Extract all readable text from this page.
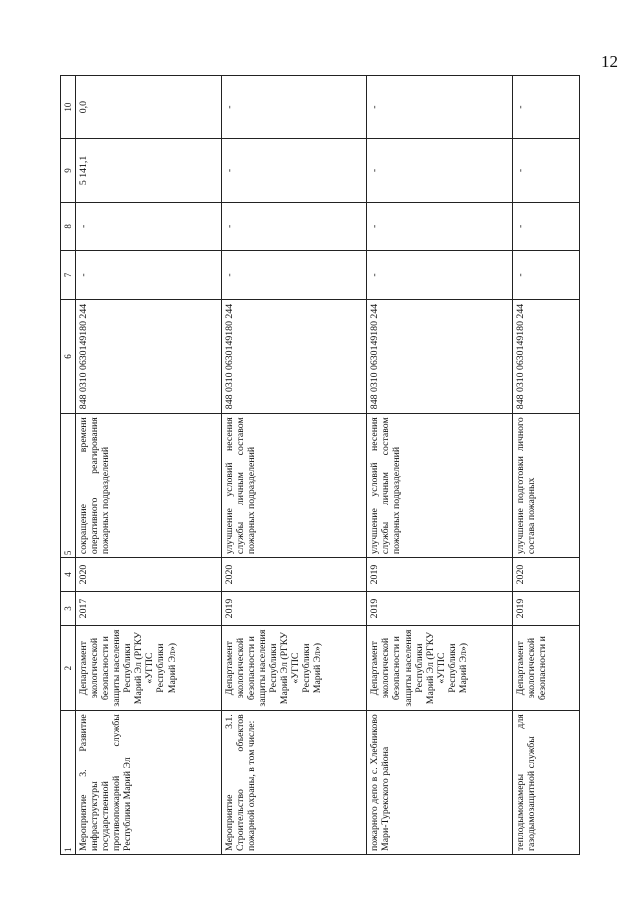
12
1	2	3	4	5	6	7	8	9	10
Мероприятие 3. Развитие инфраструктуры государственной противопожарной службы Республики Марий Эл	Департамент экологической безопасности и защиты населения Республики Марий Эл (РГКУ «УГПС Республики Марий Эл»)	2017	2020	сокращение времени оперативного реагирования пожарных подразделений	848 0310 0630149180 244	-	-	5 141,1	0,0
Мероприятие 3.1. Строительство объектов пожарной охраны, в том числе:	Департамент экологической безопасности и защиты населения Республики Марий Эл (РГКУ «УГПС Республики Марий Эл»)	2019	2020	улучшение условий несения службы личным составом пожарных подразделений	848 0310 0630149180 244	-	-	-	-
пожарного депо в с. Хлебниково Мари-Турекского района	Департамент экологической безопасности и защиты населения Республики Марий Эл (РГКУ «УГПС Республики Марий Эл»)	2019	2019	улучшение условий несения службы личным составом пожарных подразделений	848 0310 0630149180 244	-	-	-	-
теплодымокамеры для газодымозащитной службы	Департамент экологической безопасности и	2019	2020	улучшение подготовки личного состава пожарных	848 0310 0630149180 244	-	-	-	-
